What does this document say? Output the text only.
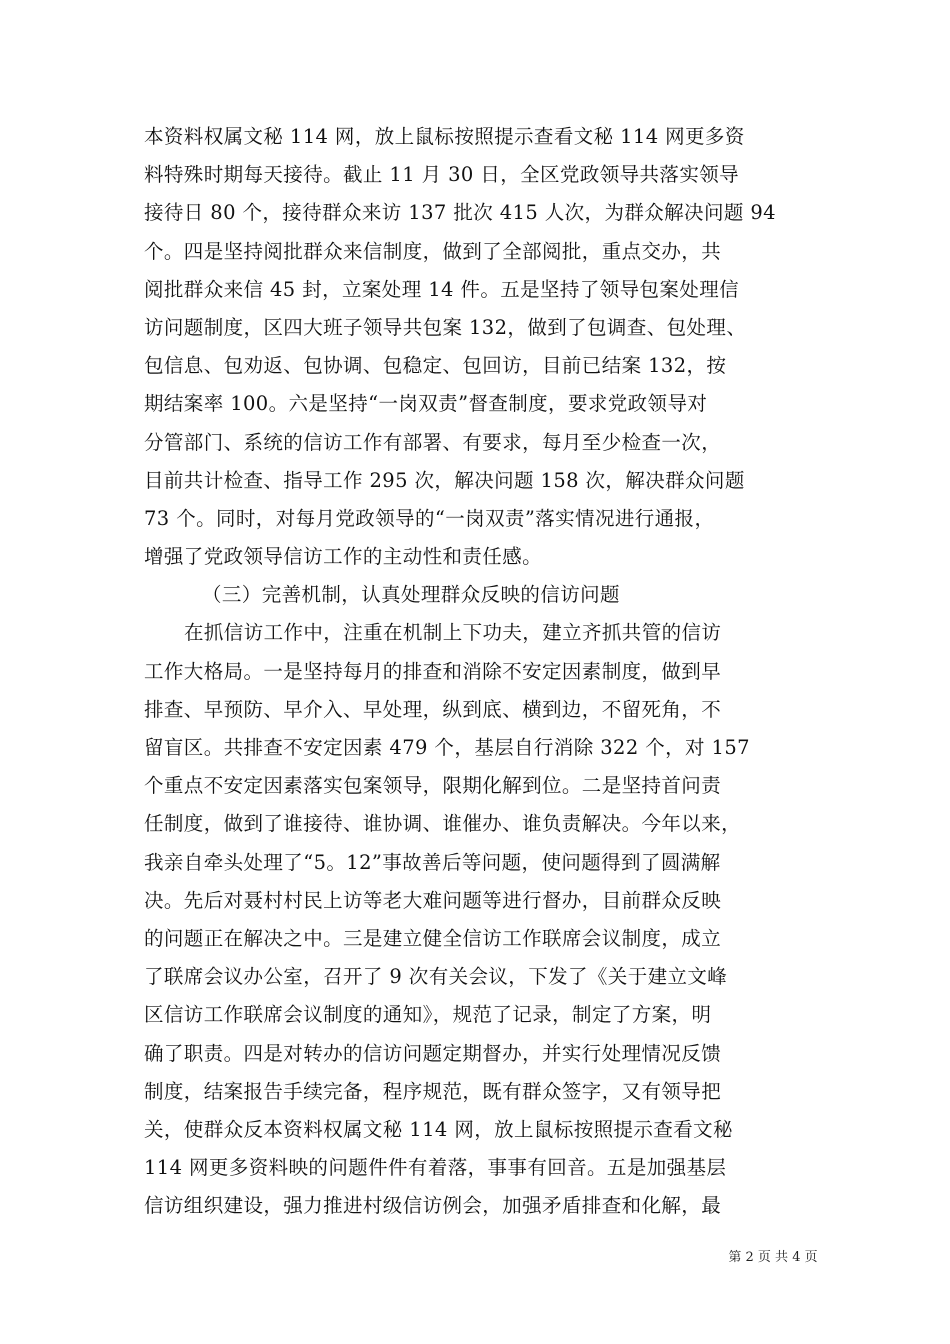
本资料权属文秘 114 网，放上鼠标按照提示查看文秘 114 网更多资
料特殊时期每天接待。截止 11 月 30 日，全区党政领导共落实领导
接待日 80 个，接待群众来访 137 批次 415 人次，为群众解决问题 94
个。四是坚持阅批群众来信制度，做到了全部阅批，重点交办，共
阅批群众来信 45 封，立案处理 14 件。五是坚持了领导包案处理信
访问题制度，区四大班子领导共包案 132，做到了包调查、包处理、
包信息、包劝返、包协调、包稳定、包回访，目前已结案 132，按
期结案率 100。六是坚持“一岗双责”督查制度，要求党政领导对
分管部门、系统的信访工作有部署、有要求，每月至少检查一次，
目前共计检查、指导工作 295 次，解决问题 158 次，解决群众问题
73 个。同时，对每月党政领导的“一岗双责”落实情况进行通报，
增强了党政领导信访工作的主动性和责任感。
（三）完善机制，认真处理群众反映的信访问题
在抓信访工作中，注重在机制上下功夫，建立齐抓共管的信访
工作大格局。一是坚持每月的排查和消除不安定因素制度，做到早
排查、早预防、早介入、早处理，纵到底、横到边，不留死角，不
留盲区。共排查不安定因素 479 个，基层自行消除 322 个，对 157
个重点不安定因素落实包案领导，限期化解到位。二是坚持首问责
任制度，做到了谁接待、谁协调、谁催办、谁负责解决。今年以来，
我亲自牵头处理了“5。12”事故善后等问题，使问题得到了圆满解
决。先后对聂村村民上访等老大难问题等进行督办，目前群众反映
的问题正在解决之中。三是建立健全信访工作联席会议制度，成立
了联席会议办公室，召开了 9 次有关会议，下发了《关于建立文峰
区信访工作联席会议制度的通知》，规范了记录，制定了方案，明
确了职责。四是对转办的信访问题定期督办，并实行处理情况反馈
制度，结案报告手续完备，程序规范，既有群众签字，又有领导把
关，使群众反本资料权属文秘 114 网，放上鼠标按照提示查看文秘
114 网更多资料映的问题件件有着落，事事有回音。五是加强基层
信访组织建设，强力推进村级信访例会，加强矛盾排查和化解，最
第 2 页 共 4 页
